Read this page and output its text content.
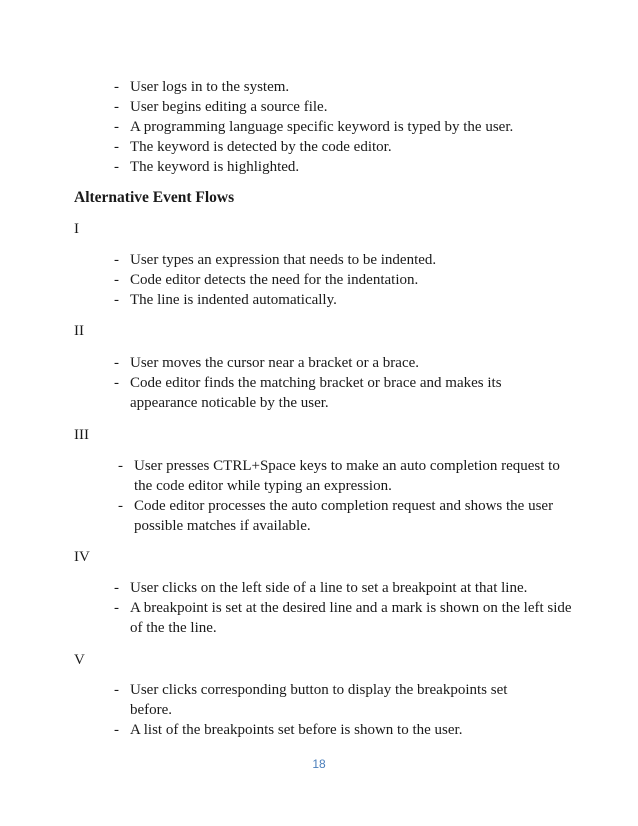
- User logs in to the system.
- User begins editing a source file.
- A programming language specific keyword is typed by the user.
- The keyword is detected by the code editor.
- The keyword is highlighted.
Alternative Event Flows
I
- User types an expression that needs to be indented.
- Code editor detects the need for the indentation.
- The line is indented automatically.
II
- User moves the cursor near a bracket or a brace.
- Code editor finds the matching bracket or brace and makes its appearance noticable by the user.
III
- User presses CTRL+Space keys to make an auto completion request to the code editor while typing an expression.
- Code editor processes the auto completion request and shows the user possible matches if available.
IV
- User clicks on the left side of a line to set a breakpoint at that line.
- A breakpoint is set at the desired line and a mark is shown on the left side of the the line.
V
- User clicks corresponding button to display the breakpoints set before.
- A list of the breakpoints set before is shown to the user.
18
